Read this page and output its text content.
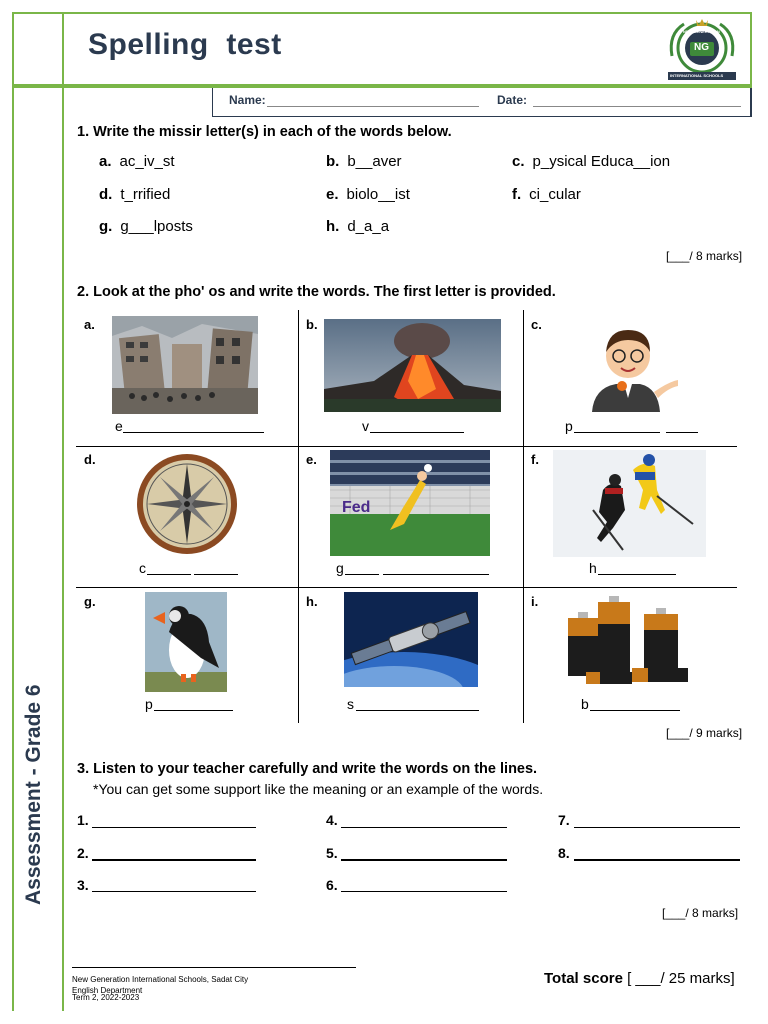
Spelling  test
Assessment - Grade 6
NG
NEW GENERATION
INTERNATIONAL SCHOOLS
Name:	Date:
1. Write the missir letter(s) in each of the words below.
a. ac_iv_st	b. b__aver	c. p_ysical Educa__ion
d. t_rrified	e. biolo__ist	f. ci_cular
g. g___lposts	h. d_a_a
[___/ 8 marks]
2. Look at the pho' os and write the words. The first letter is provided.
a.
e
b.
v
c.
p
d.
c
e.
Fed
g
f.
h
g.
p
h.
s
i.
b
[___/ 9 marks]
3. Listen to your teacher carefully and write the words on the lines.
*You can get some support like the meaning or an example of the words.
1.
2.
3.
4.
5.
6.
7.
8.
[___/ 8 marks]
New Generation International Schools, Sadat City
English Department
Term 2, 2022-2023
Total score [ ___/ 25 marks]
